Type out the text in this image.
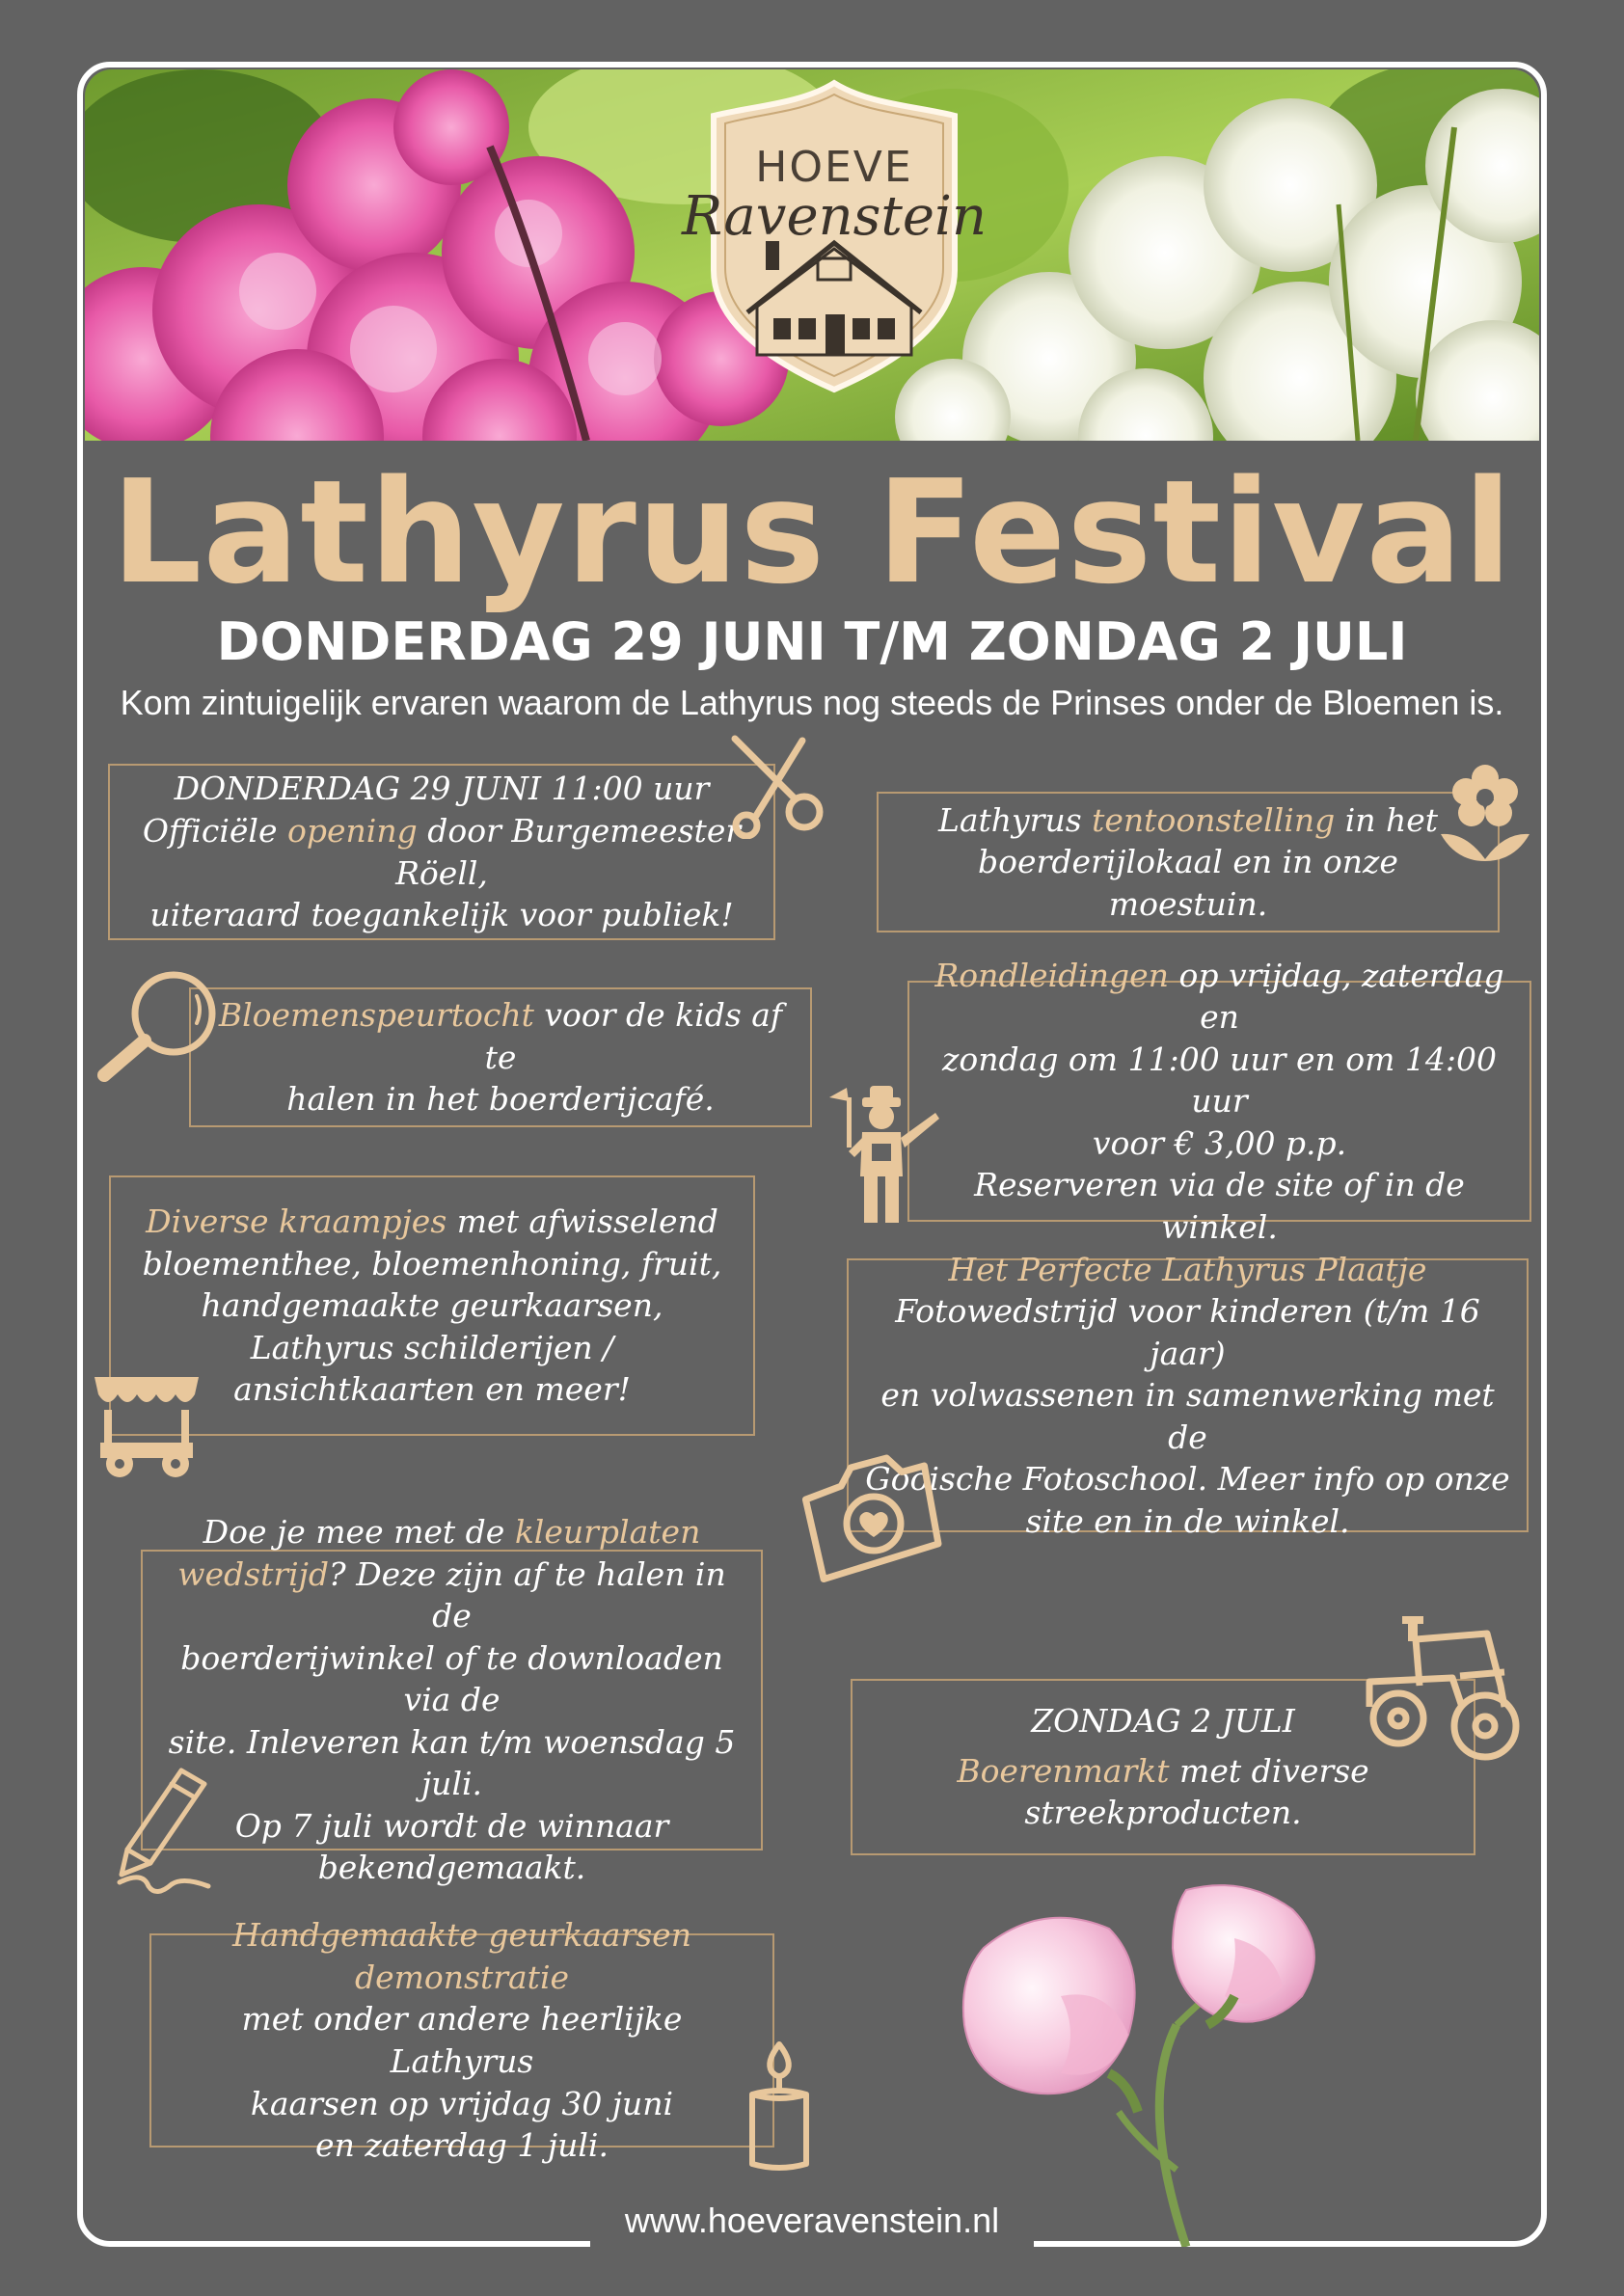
HOEVE
Ravenstein
Lathyrus Festival
DONDERDAG 29 JUNI T/M ZONDAG 2 JULI
Kom zintuigelijk ervaren waarom de Lathyrus nog steeds de Prinses onder de Bloemen is.
DONDERDAG 29 JUNI 11:00 uur
Officiële opening door Burgemeester Röell,
uiteraard toegankelijk voor publiek!
Lathyrus tentoonstelling in het
boerderijlokaal en in onze moestuin.
Bloemenspeurtocht voor de kids af te
halen in het boerderijcafé.
Rondleidingen op vrijdag, zaterdag en
zondag om 11:00 uur en om 14:00 uur
voor € 3,00 p.p.
Reserveren via de site of in de winkel.
Diverse kraampjes met afwisselend
bloementhee, bloemenhoning, fruit,
handgemaakte geurkaarsen,
Lathyrus schilderijen /
ansichtkaarten en meer!
Het Perfecte Lathyrus Plaatje
Fotowedstrijd voor kinderen (t/m 16 jaar)
en volwassenen in samenwerking met de
Gooische Fotoschool. Meer info op onze
site en in de winkel.
Doe je mee met de kleurplaten
wedstrijd? Deze zijn af te halen in de
boerderijwinkel of te downloaden via de
site. Inleveren kan t/m woensdag 5 juli.
Op 7 juli wordt de winnaar
bekendgemaakt.
ZONDAG 2 JULI
Boerenmarkt met diverse
streekproducten.
Handgemaakte geurkaarsen demonstratie
met onder andere heerlijke Lathyrus
kaarsen op vrijdag 30 juni
en zaterdag 1 juli.
www.hoeveravenstein.nl
